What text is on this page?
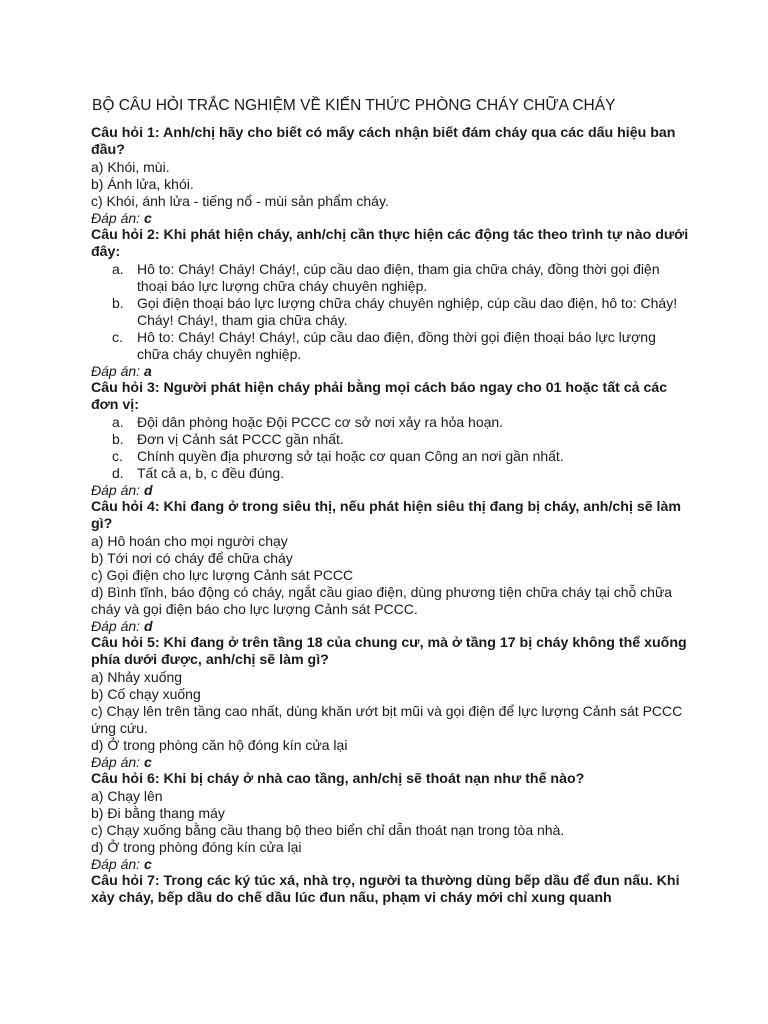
BỘ CÂU HỎI TRẮC NGHIỆM VỀ KIẾN THỨC PHÒNG CHÁY CHỮA CHÁY

Câu hỏi 1: Anh/chị hãy cho biết có mấy cách nhận biết đám cháy qua các dấu hiệu ban đầu?

a) Khói, mùi.

b) Ánh lửa, khói.

c) Khói, ánh lửa - tiếng nổ - mùi sản phẩm cháy.

Đáp án: c

Câu hỏi 2: Khi phát hiện cháy, anh/chị cần thực hiện các động tác theo trình tự nào dưới đây:

a. Hô to: Cháy! Cháy! Cháy!, cúp cầu dao điện, tham gia chữa cháy, đồng thời gọi điện thoại báo lực lượng chữa cháy chuyên nghiệp.
b. Gọi điện thoại báo lực lượng chữa cháy chuyên nghiệp, cúp cầu dao điện, hô to: Cháy! Cháy! Cháy!, tham gia chữa cháy.
c. Hô to: Cháy! Cháy! Cháy!, cúp cầu dao điện, đồng thời gọi điện thoại báo lực lượng chữa cháy chuyên nghiệp.

Đáp án: a

Câu hỏi 3: Người phát hiện cháy phải bằng mọi cách báo ngay cho 01 hoặc tất cả các đơn vị:

a. Đội dân phòng hoặc Đội PCCC cơ sở nơi xảy ra hỏa hoạn.
b. Đơn vị Cảnh sát PCCC gần nhất.
c. Chính quyền địa phương sở tại hoặc cơ quan Công an nơi gần nhất.
d. Tất cả a, b, c đều đúng.

Đáp án: d

Câu hỏi 4: Khi đang ở trong siêu thị, nếu phát hiện siêu thị đang bị cháy, anh/chị sẽ làm gì?

a) Hô hoán cho mọi người chạy

b) Tới nơi có cháy để chữa cháy

c) Gọi điện cho lực lượng Cảnh sát PCCC

d) Bình tĩnh, báo động có cháy, ngắt cầu giao điện, dùng phương tiện chữa cháy tại chỗ chữa cháy và gọi điện báo cho lực lượng Cảnh sát PCCC.

Đáp án: d

Câu hỏi 5: Khi đang ở trên tầng 18 của chung cư, mà ở tầng 17 bị cháy không thể xuống phía dưới được, anh/chị sẽ làm gì?

a) Nhảy xuống

b) Cố chạy xuống

c) Chạy lên trên tầng cao nhất, dùng khăn ướt bịt mũi và gọi điện để lực lượng Cảnh sát PCCC ứng cứu.

d) Ở trong phòng căn hộ đóng kín cửa lại

Đáp án: c

Câu hỏi 6: Khi bị cháy ở nhà cao tầng, anh/chị sẽ thoát nạn như thế nào?

a) Chạy lên

b) Đi bằng thang máy

c) Chạy xuống bằng cầu thang bộ theo biển chỉ dẫn thoát nạn trong tòa nhà.

d) Ở trong phòng đóng kín cửa lại

Đáp án: c

Câu hỏi 7: Trong các ký túc xá, nhà trọ, người ta thường dùng bếp dầu để đun nấu. Khi xảy cháy, bếp dầu do chế dầu lúc đun nấu, phạm vi cháy mới chỉ xung quanh
